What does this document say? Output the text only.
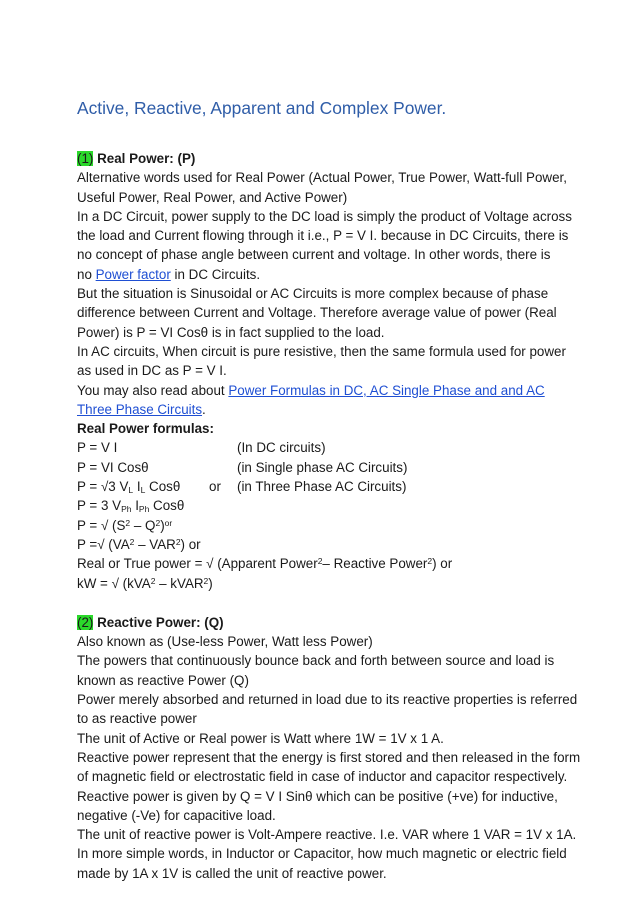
Active, Reactive, Apparent and Complex Power.
(1) Real Power: (P)
Alternative words used for Real Power (Actual Power, True Power, Watt-full Power,
Useful Power, Real Power, and Active Power)
In a DC Circuit, power supply to the DC load is simply the product of Voltage across
the load and Current flowing through it i.e., P = V I. because in DC Circuits, there is
no concept of phase angle between current and voltage. In other words, there is
no Power factor in DC Circuits.
But the situation is Sinusoidal or AC Circuits is more complex because of phase
difference between Current and Voltage. Therefore average value of power (Real
Power) is P = VI Cosθ is in fact supplied to the load.
In AC circuits, When circuit is pure resistive, then the same formula used for power
as used in DC as P = V I.
You may also read about Power Formulas in DC, AC Single Phase and and AC
Three Phase Circuits.
Real Power formulas:
P = V I	(In DC circuits)
P = VI Cosθ	(in Single phase AC Circuits)
P = √3 $V_L$ $I_L$ Cosθ or (in Three Phase AC Circuits)
P = 3 $V_{Ph}$ $I_{Ph}$ Cosθ
P = √ $(S^2 - Q^2)^{or}$
P =√ $(VA^2 - VAR^2)$ or
Real or True power = √ (Apparent Power$^2$– Reactive Power$^2$) or
kW = √ (kVA$^2$ – kVAR$^2$)
(2) Reactive Power: (Q)
Also known as (Use-less Power, Watt less Power)
The powers that continuously bounce back and forth between source and load is
known as reactive Power (Q)
Power merely absorbed and returned in load due to its reactive properties is referred
to as reactive power
The unit of Active or Real power is Watt where 1W = 1V x 1 A.
Reactive power represent that the energy is first stored and then released in the form
of magnetic field or electrostatic field in case of inductor and capacitor respectively.
Reactive power is given by Q = V I Sinθ which can be positive (+ve) for inductive,
negative (-Ve) for capacitive load.
The unit of reactive power is Volt-Ampere reactive. I.e. VAR where 1 VAR = 1V x 1A.
In more simple words, in Inductor or Capacitor, how much magnetic or electric field
made by 1A x 1V is called the unit of reactive power.
